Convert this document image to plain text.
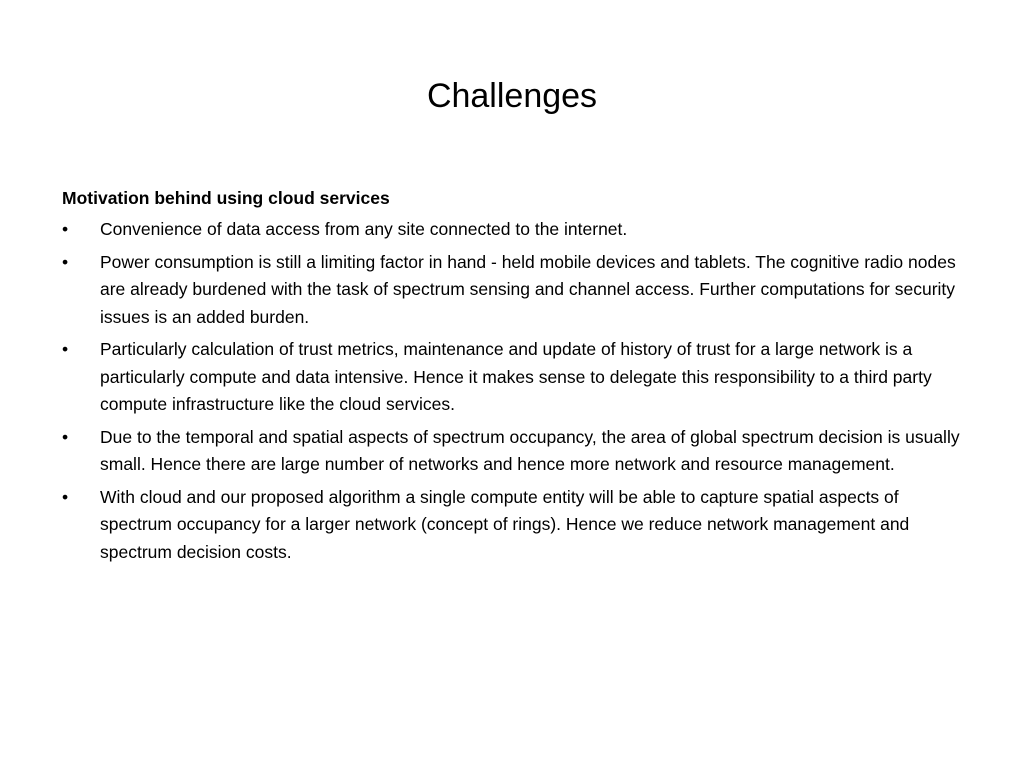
Challenges
Motivation behind using cloud services
•	Convenience of data access from any site connected to the internet.
•	Power consumption is still a limiting factor in hand - held mobile devices and tablets. The cognitive radio nodes are already burdened with the task of spectrum sensing and channel access. Further computations for security issues is an added burden.
•	Particularly calculation of trust metrics, maintenance and update of history of trust for a large network is a particularly compute and data intensive. Hence it makes sense to delegate this responsibility to a third party compute infrastructure like the cloud services.
•	Due to the temporal and spatial aspects of spectrum occupancy, the area of global spectrum decision is usually small. Hence there are large number of networks and hence more network and resource management.
•	With cloud and our proposed algorithm a single compute entity will be able to capture spatial aspects of spectrum occupancy for a larger network (concept of rings). Hence we reduce network management and spectrum decision costs.
